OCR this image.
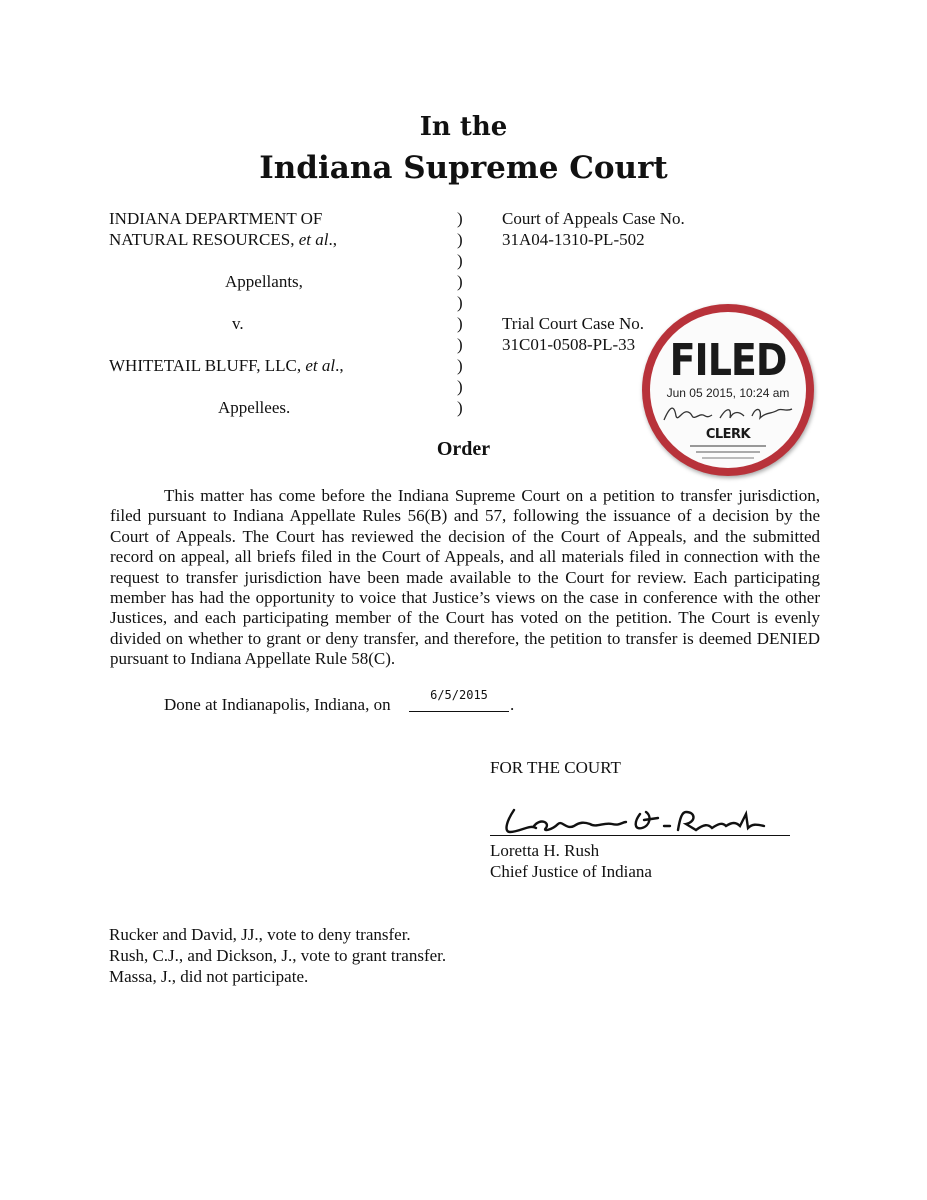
In the
Indiana Supreme Court
INDIANA DEPARTMENT OF
NATURAL RESOURCES, et al.,
Appellants,
v.
WHITETAIL BLUFF, LLC, et al.,
Appellees.
)
)
)
)
)
)
)
)
)
)
Court of Appeals Case No.
31A04-1310-PL-502
Trial Court Case No.
31C01-0508-PL-33 FILED
Jun 05 2015, 10:24 am
CLERK
Order
This matter has come before the Indiana Supreme Court on a petition to transfer jurisdiction, filed pursuant to Indiana Appellate Rules 56(B) and 57, following the issuance of a decision by the Court of Appeals. The Court has reviewed the decision of the Court of Appeals, and the submitted record on appeal, all briefs filed in the Court of Appeals, and all materials filed in connection with the request to transfer jurisdiction have been made available to the Court for review. Each participating member has had the opportunity to voice that Justice’s views on the case in conference with the other Justices, and each participating member of the Court has voted on the petition. The Court is evenly divided on whether to grant or deny transfer, and therefore, the petition to transfer is deemed DENIED pursuant to Indiana Appellate Rule 58(C).
Done at Indianapolis, Indiana, on	6/5/2015	.
FOR THE COURT
Loretta H. Rush
Chief Justice of Indiana
Rucker and David, JJ., vote to deny transfer.
Rush, C.J., and Dickson, J., vote to grant transfer.
Massa, J., did not participate.
